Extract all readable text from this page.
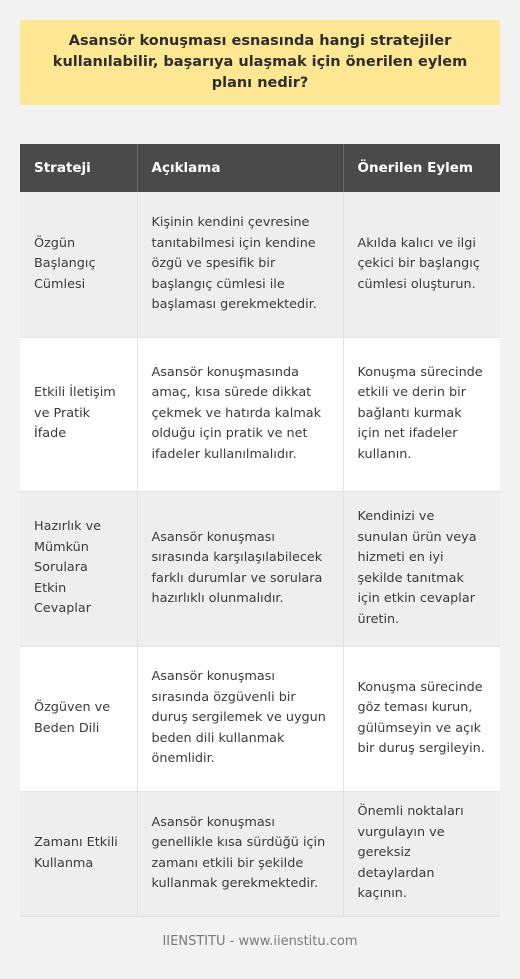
Asansör konuşması esnasında hangi stratejiler kullanılabilir, başarıya ulaşmak için önerilen eylem planı nedir?
Strateji	Açıklama	Önerilen Eylem
Özgün Başlangıç Cümlesi	Kişinin kendini çevresine tanıtabilmesi için kendine özgü ve spesifik bir başlangıç cümlesi ile başlaması gerekmektedir.	Akılda kalıcı ve ilgi çekici bir başlangıç cümlesi oluşturun.
Etkili İletişim ve Pratik İfade	Asansör konuşmasında amaç, kısa sürede dikkat çekmek ve hatırda kalmak olduğu için pratik ve net ifadeler kullanılmalıdır.	Konuşma sürecinde etkili ve derin bir bağlantı kurmak için net ifadeler kullanın.
Hazırlık ve Mümkün Sorulara Etkin Cevaplar	Asansör konuşması sırasında karşılaşılabilecek farklı durumlar ve sorulara hazırlıklı olunmalıdır.	Kendinizi ve sunulan ürün veya hizmeti en iyi şekilde tanıtmak için etkin cevaplar üretin.
Özgüven ve Beden Dili	Asansör konuşması sırasında özgüvenli bir duruş sergilemek ve uygun beden dili kullanmak önemlidir.	Konuşma sürecinde göz teması kurun, gülümseyin ve açık bir duruş sergileyin.
Zamanı Etkili Kullanma	Asansör konuşması genellikle kısa sürdüğü için zamanı etkili bir şekilde kullanmak gerekmektedir.	Önemli noktaları vurgulayın ve gereksiz detaylardan kaçının.
IIENSTITU - www.iienstitu.com
